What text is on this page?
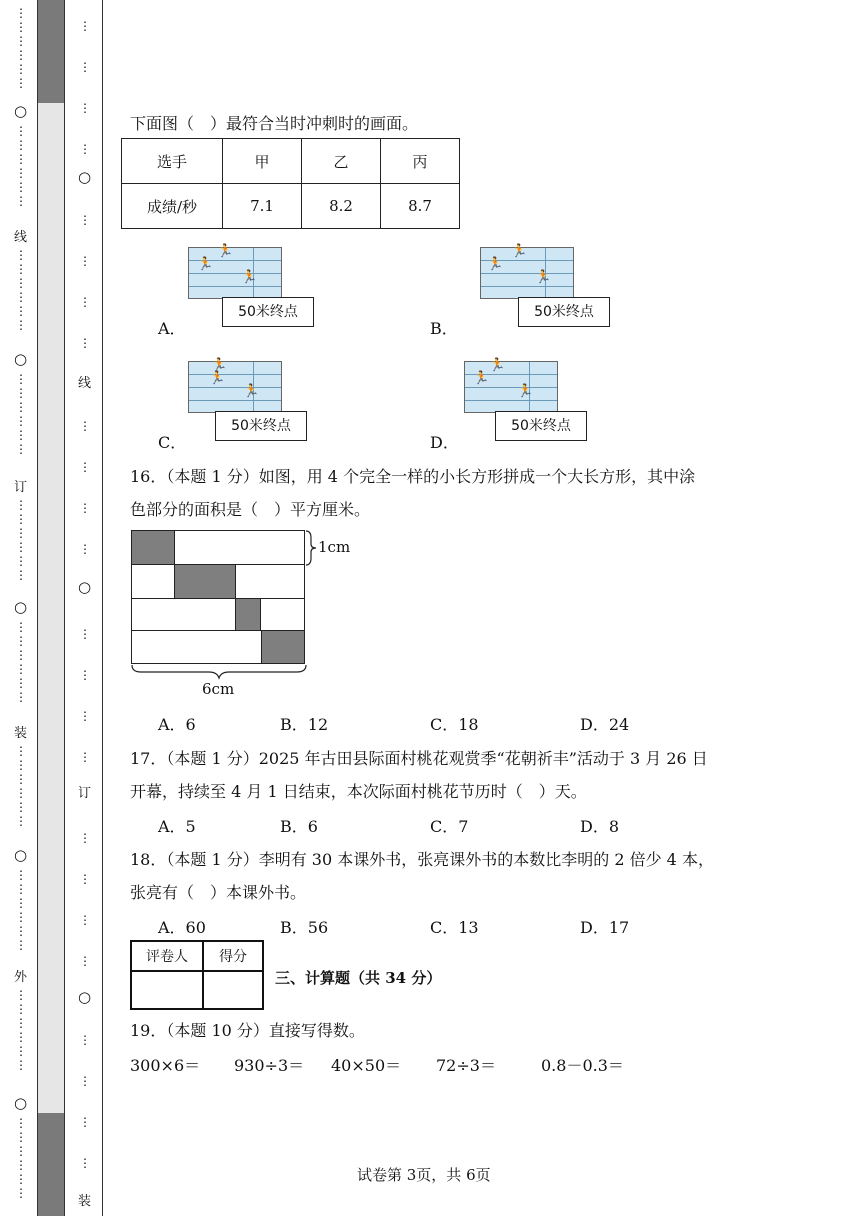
⋮
⋮
⋮
⋮
⋮
⋮
○
⋮
⋮
⋮
⋮
⋮
⋮
线
⋮
⋮
⋮
⋮
⋮
⋮
○
⋮
⋮
⋮
⋮
⋮
⋮
订
⋮
⋮
⋮
⋮
⋮
⋮
○
⋮
⋮
⋮
⋮
⋮
⋮
装
⋮
⋮
⋮
⋮
⋮
⋮
○
⋮
⋮
⋮
⋮
⋮
⋮
外
⋮
⋮
⋮
⋮
⋮
⋮
○
⋮
⋮
⋮
⋮
⋮
⋮
⋮
⋮
⋮
⋮
○
⋮
⋮
⋮
⋮
线
⋮
⋮
⋮
⋮
○
⋮
⋮
⋮
⋮
订
⋮
⋮
⋮
⋮
○
⋮
⋮
⋮
⋮
装
下面图（　）最符合当时冲刺时的画面。
选手	甲	乙	丙
成绩/秒	7.1	8.2	8.7
A．
🏃
🏃
🏃
50米终点
B．
🏃
🏃
🏃
50米终点
C．
🏃
🏃
🏃
50米终点
D．
🏃
🏃
🏃
50米终点
16．（本题 1 分）如图，用 4 个完全一样的小长方形拼成一个大长方形，其中涂
色部分的面积是（　）平方厘米。
1cm
6cm
A．6	B．12	C．18	D．24
17．（本题 1 分）2025 年古田县际面村桃花观赏季“花朝祈丰”活动于 3 月 26 日
开幕，持续至 4 月 1 日结束，本次际面村桃花节历时（　）天。
A．5	B．6	C．7	D．8
18．（本题 1 分）李明有 30 本课外书，张亮课外书的本数比李明的 2 倍少 4 本，
张亮有（　）本课外书。
A．60	B．56	C．13	D．17
评卷人	得分

三、计算题（共 34 分）
19．（本题 10 分）直接写得数。
300×6＝ 930÷3＝ 40×50＝ 72÷3＝	0.8－0.3＝
试卷第 3页，共 6页
